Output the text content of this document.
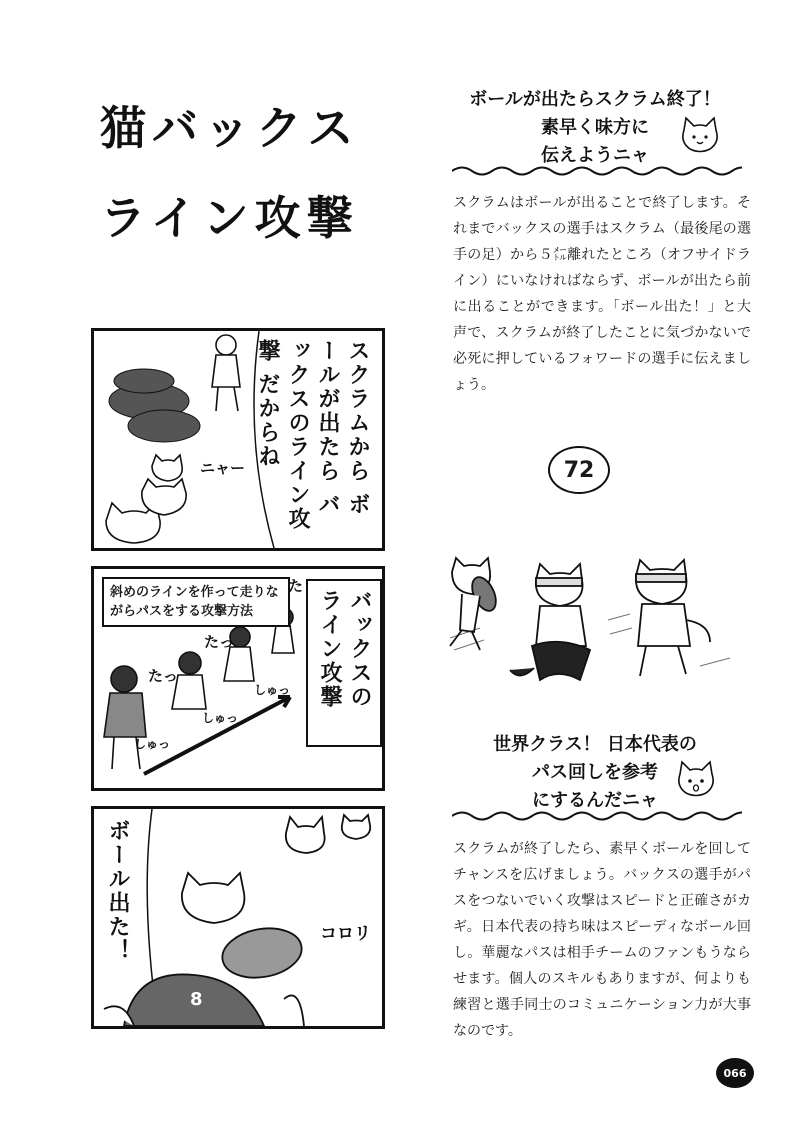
猫バックス
ライン攻撃
ボールが出たらスクラム終了！
素早く味方に
伝えようニャ
スクラムはボールが出ることで終了します。それまでバックスの選手はスクラム（最後尾の選手の足）から５㍍離れたところ（オフサイドライン）にいなければならず、ボールが出たら前に出ることができます。「ボール出た！」と大声で、スクラムが終了したことに気づかないで必死に押しているフォワードの選手に伝えましょう。
72
世界クラス！ 日本代表の
パス回しを参考
にするんだニャ
スクラムが終了したら、素早くボールを回してチャンスを広げましょう。バックスの選手がパスをつないでいく攻撃はスピードと正確さがカギ。日本代表の持ち味はスピーディなボール回し。華麗なパスは相手チームのファンもうならせます。個人のスキルもありますが、何よりも練習と選手同士のコミュニケーション力が大事なのです。
ニャー	スクラムから ボールが出たら バックスのライン攻撃 だからね
斜めのラインを作って走りながらパスをする攻撃方法	バックスの ライン攻撃
た
たっ
たっ
しゅっ
しゅっ
しゅっ
ボール出た！	コロリ
8
066
